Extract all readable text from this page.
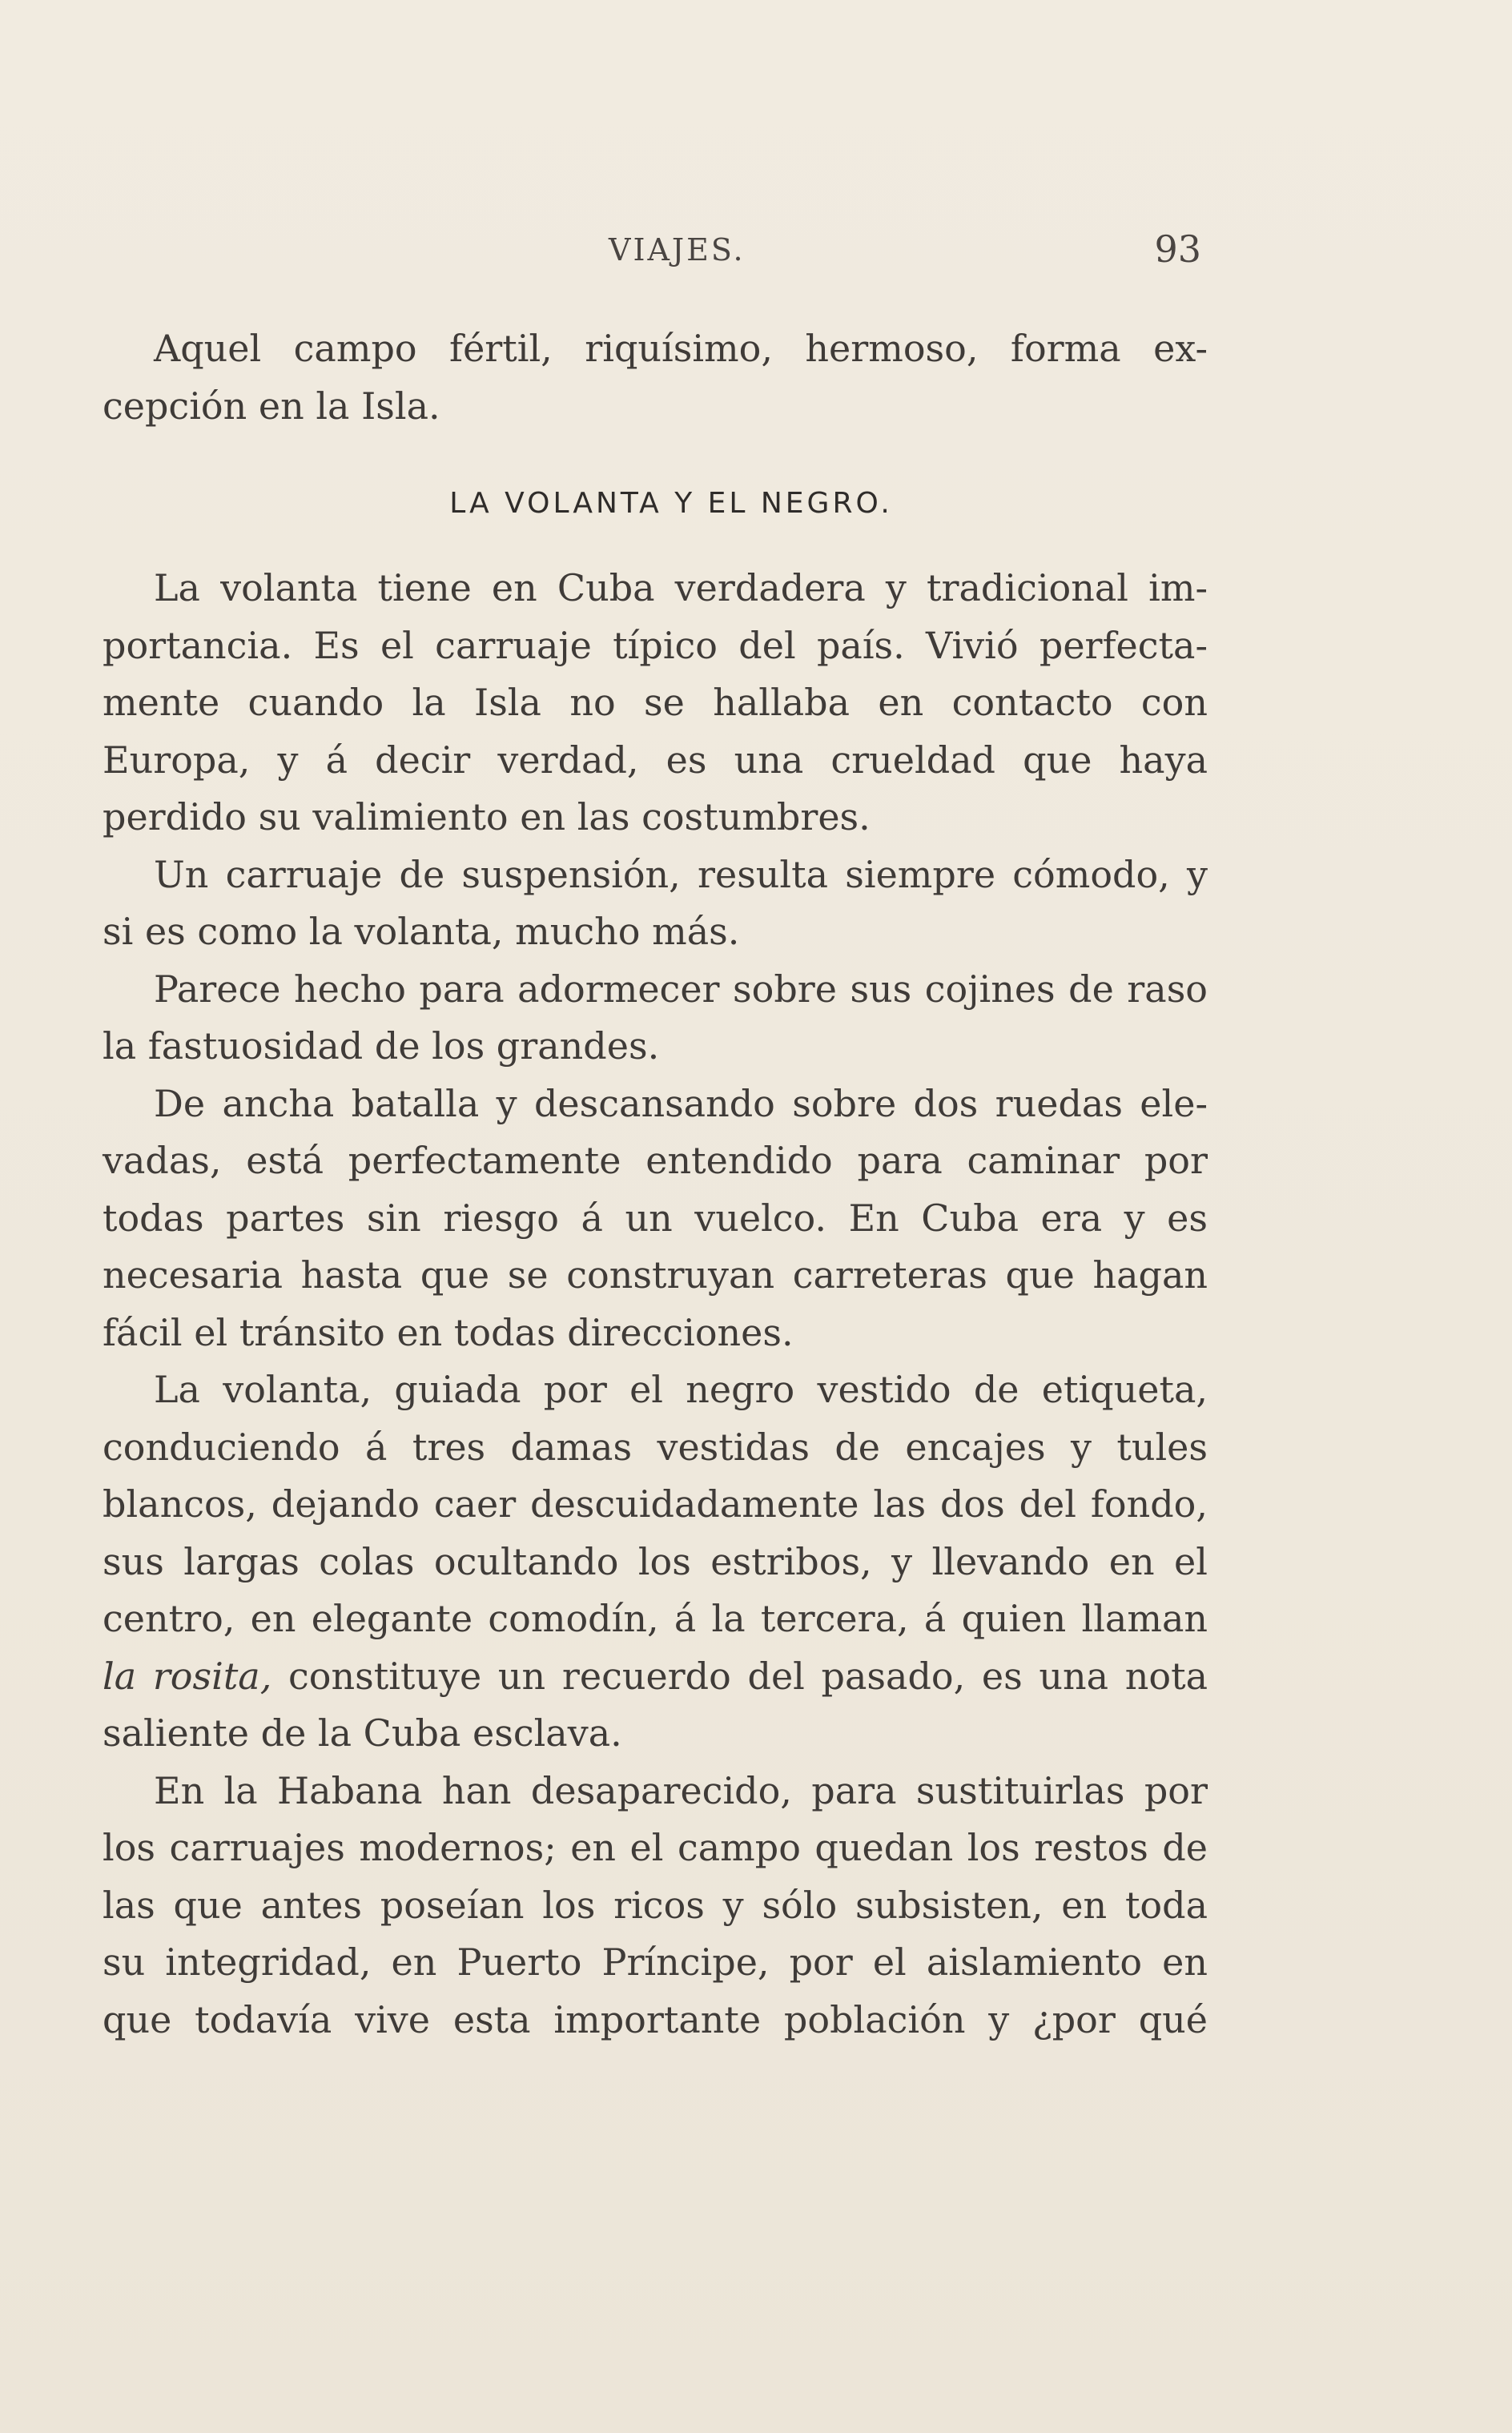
VIAJES.	93
Aquel campo fértil, riquísimo, hermoso, forma ex-
cepción en la Isla.
LA VOLANTA Y EL NEGRO.
La volanta tiene en Cuba verdadera y tradicional im-
portancia. Es el carruaje típico del país. Vivió perfecta-
mente cuando la Isla no se hallaba en contacto con
Europa, y á decir verdad, es una crueldad que haya
perdido su valimiento en las costumbres.
Un carruaje de suspensión, resulta siempre cómodo, y
si es como la volanta, mucho más.
Parece hecho para adormecer sobre sus cojines de raso
la fastuosidad de los grandes.
De ancha batalla y descansando sobre dos ruedas ele-
vadas, está perfectamente entendido para caminar por
todas partes sin riesgo á un vuelco. En Cuba era y es
necesaria hasta que se construyan carreteras que hagan
fácil el tránsito en todas direcciones.
La volanta, guiada por el negro vestido de etiqueta,
conduciendo á tres damas vestidas de encajes y tules
blancos, dejando caer descuidadamente las dos del fondo,
sus largas colas ocultando los estribos, y llevando en el
centro, en elegante comodín, á la tercera, á quien llaman
la rosita, constituye un recuerdo del pasado, es una nota
saliente de la Cuba esclava.
En la Habana han desaparecido, para sustituirlas por
los carruajes modernos; en el campo quedan los restos de
las que antes poseían los ricos y sólo subsisten, en toda
su integridad, en Puerto Príncipe, por el aislamiento en
que todavía vive esta importante población y ¿por qué
